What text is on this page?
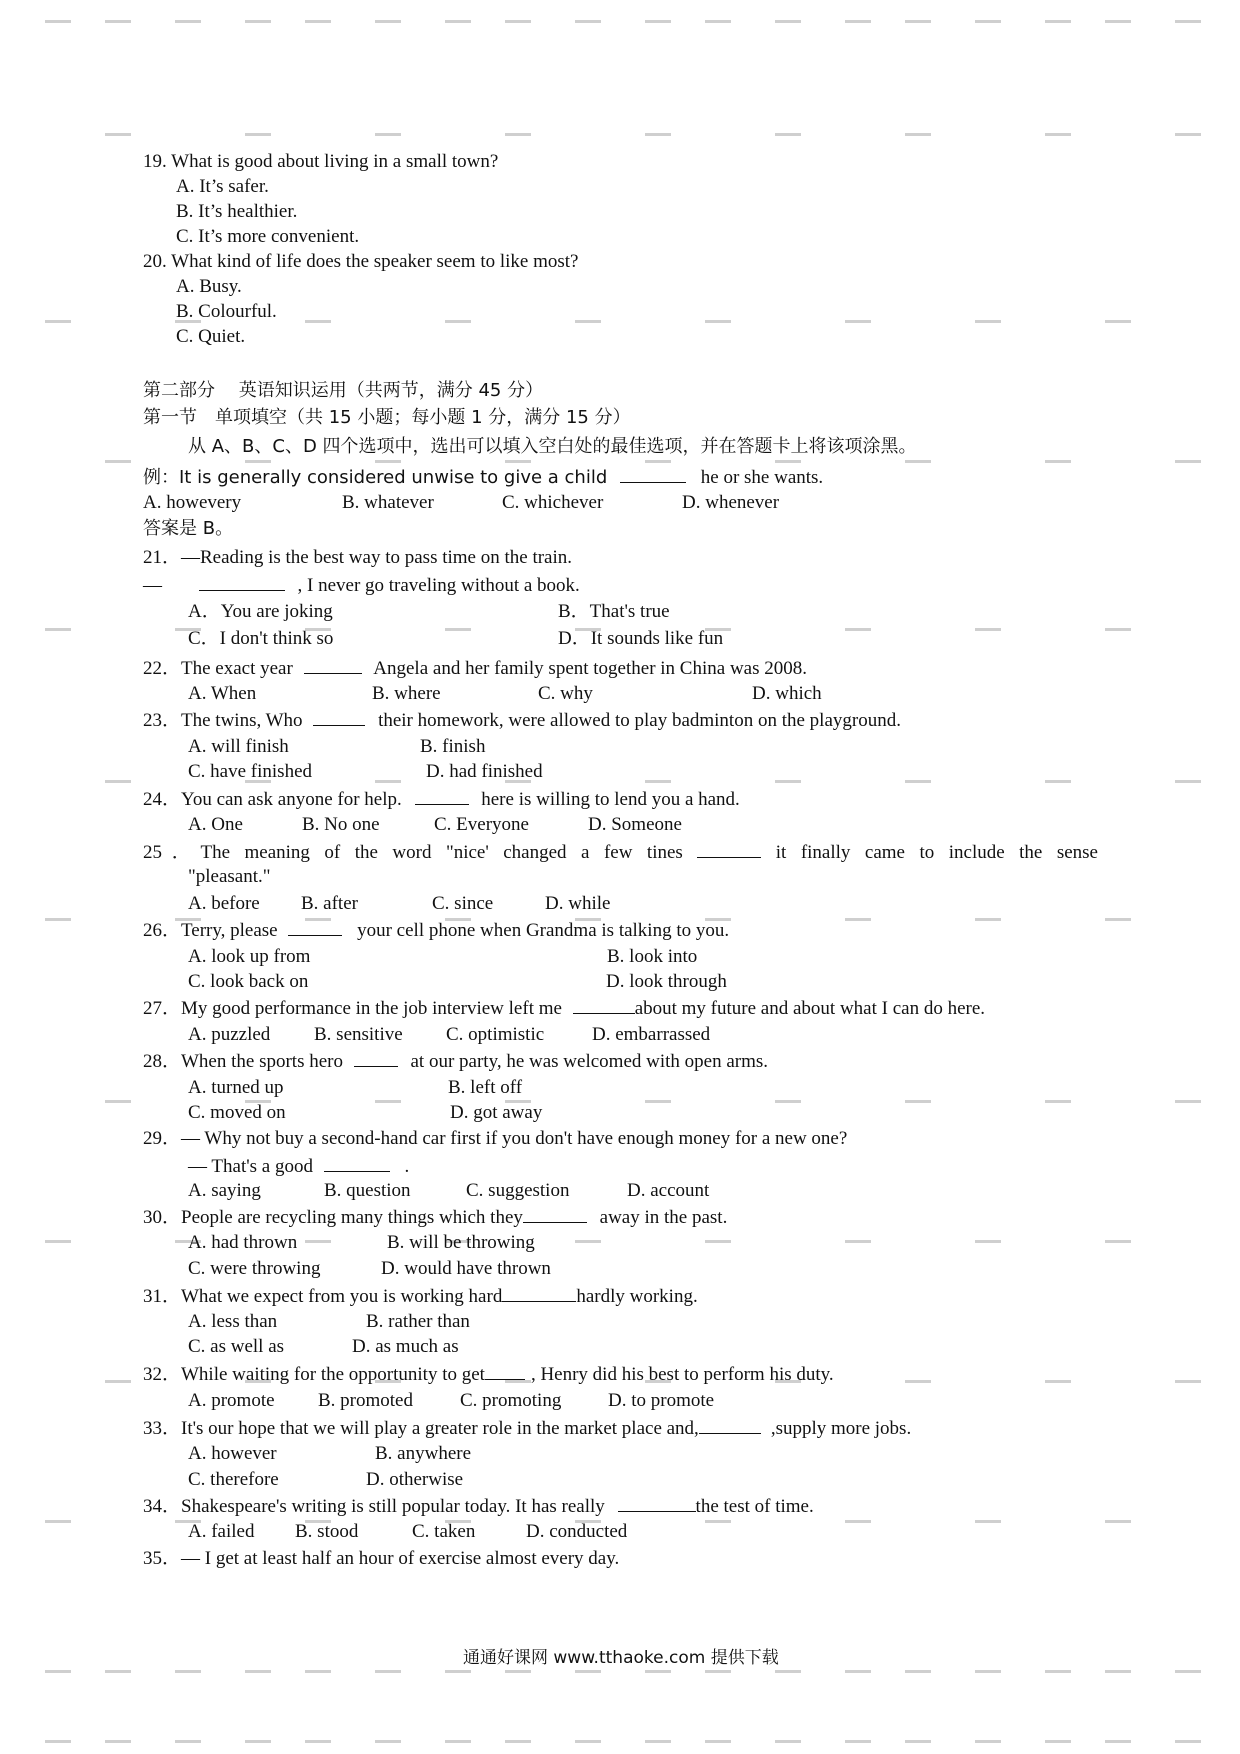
19. What is good about living in a small town?
A. It’s safer.
B. It’s healthier.
C. It’s more convenient.
20. What kind of life does the speaker seem to like most?
A. Busy.
B. Colourful.
C. Quiet.
第二部分　 英语知识运用（共两节，满分 45 分）
第一节　单项填空（共 15 小题；每小题 1 分，满分 15 分）
从 A、B、C、D 四个选项中，选出可以填入空白处的最佳选项，并在答题卡上将该项涂黑。
例：It is generally considered unwise to give a child	he or she wants.
A. howevery	B. whatever	C. whichever	D. whenever
答案是 B。
21．—Reading is the best way to pass time on the train.
—	, I never go traveling without a book.
A．You are joking	B．That's true
C．I don't think so	D．It sounds like fun
22．The exact year	Angela and her family spent together in China was 2008.
A. When	B. where	C. why	D. which
23．The twins, Who	their homework, were allowed to play badminton on the playground.
A. will finish	B. finish
C. have finished	D. had finished
24．You can ask anyone for help.	here is willing to lend you a hand.
A. One	B. No one	C. Everyone	D. Someone
25．The meaning of the word "nice' changed a few tines	it finally came to include the sense
"pleasant."
A. before B. after	C. since	D. while
26．Terry, please	your cell phone when Grandma is talking to you.
A. look up from	B. look into
C. look back on	D. look through
27．My good performance in the job interview left me	about my future and about what I can do here.
A. puzzled B. sensitive C. optimistic	D. embarrassed
28．When the sports hero	at our party, he was welcomed with open arms.
A. turned up	B. left off
C. moved on	D. got away
29．— Why not buy a second-hand car first if you don't have enough money for a new one?
— That's a good	.
A. saying	B. question	C. suggestion	D. account
30．People are recycling many things which they	away in the past.
A. had thrown	B. will be throwing
C. were throwing	D. would have thrown
31．What we expect from you is working hard	hardly working.
A. less than	B. rather than
C. as well as	D. as much as
32．While waiting for the opportunity to get , Henry did his best to perform his duty.
A. promote B. promoted C. promoting D. to promote
33．It's our hope that we will play a greater role in the market place and,	,supply more jobs.
A. however	B. anywhere
C. therefore	D. otherwise
34．Shakespeare's writing is still popular today. It has really	the test of time.
A. failed B. stood	C. taken	D. conducted
35．— I get at least half an hour of exercise almost every day.
通通好课网 www.tthaoke.com 提供下载
